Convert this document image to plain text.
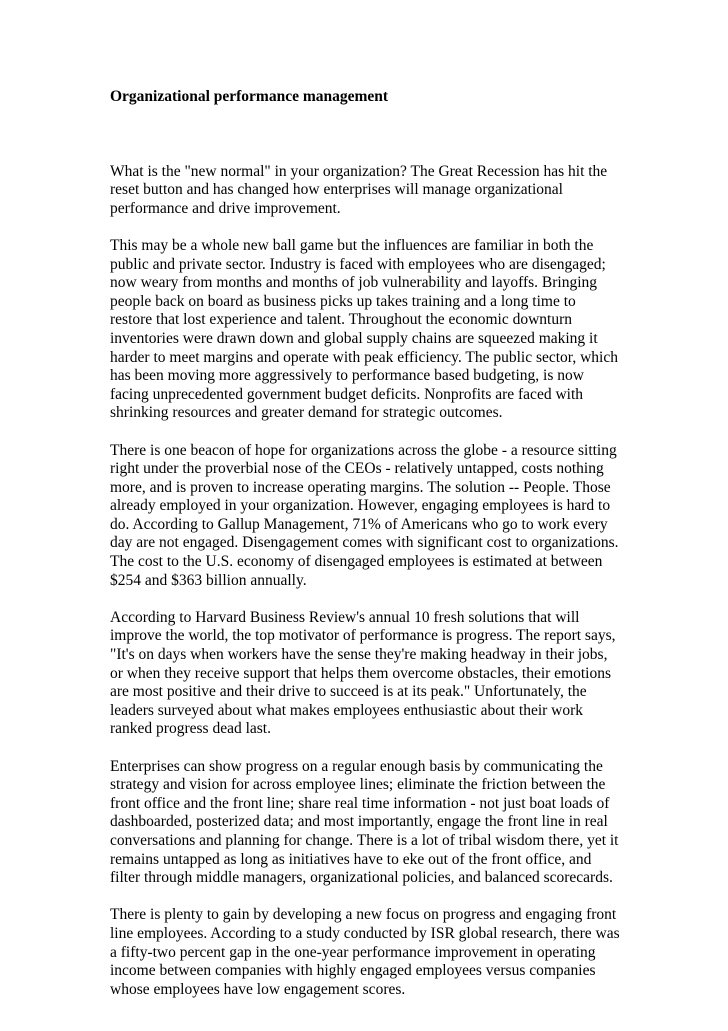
Organizational performance management

What is the "new normal" in your organization? The Great Recession has hit the reset button and has changed how enterprises will manage organizational performance and drive improvement.

This may be a whole new ball game but the influences are familiar in both the public and private sector. Industry is faced with employees who are disengaged; now weary from months and months of job vulnerability and layoffs. Bringing people back on board as business picks up takes training and a long time to restore that lost experience and talent. Throughout the economic downturn inventories were drawn down and global supply chains are squeezed making it harder to meet margins and operate with peak efficiency. The public sector, which has been moving more aggressively to performance based budgeting, is now facing unprecedented government budget deficits. Nonprofits are faced with shrinking resources and greater demand for strategic outcomes.

There is one beacon of hope for organizations across the globe - a resource sitting right under the proverbial nose of the CEOs - relatively untapped, costs nothing more, and is proven to increase operating margins. The solution -- People. Those already employed in your organization. However, engaging employees is hard to do. According to Gallup Management, 71% of Americans who go to work every day are not engaged. Disengagement comes with significant cost to organizations. The cost to the U.S. economy of disengaged employees is estimated at between $254 and $363 billion annually.

According to Harvard Business Review's annual 10 fresh solutions that will improve the world, the top motivator of performance is progress. The report says, "It's on days when workers have the sense they're making headway in their jobs, or when they receive support that helps them overcome obstacles, their emotions are most positive and their drive to succeed is at its peak." Unfortunately, the leaders surveyed about what makes employees enthusiastic about their work ranked progress dead last.

Enterprises can show progress on a regular enough basis by communicating the strategy and vision for across employee lines; eliminate the friction between the front office and the front line; share real time information - not just boat loads of dashboarded, posterized data; and most importantly, engage the front line in real conversations and planning for change. There is a lot of tribal wisdom there, yet it remains untapped as long as initiatives have to eke out of the front office, and filter through middle managers, organizational policies, and balanced scorecards.

There is plenty to gain by developing a new focus on progress and engaging front line employees. According to a study conducted by ISR global research, there was a fifty-two percent gap in the one-year performance improvement in operating income between companies with highly engaged employees versus companies whose employees have low engagement scores.
